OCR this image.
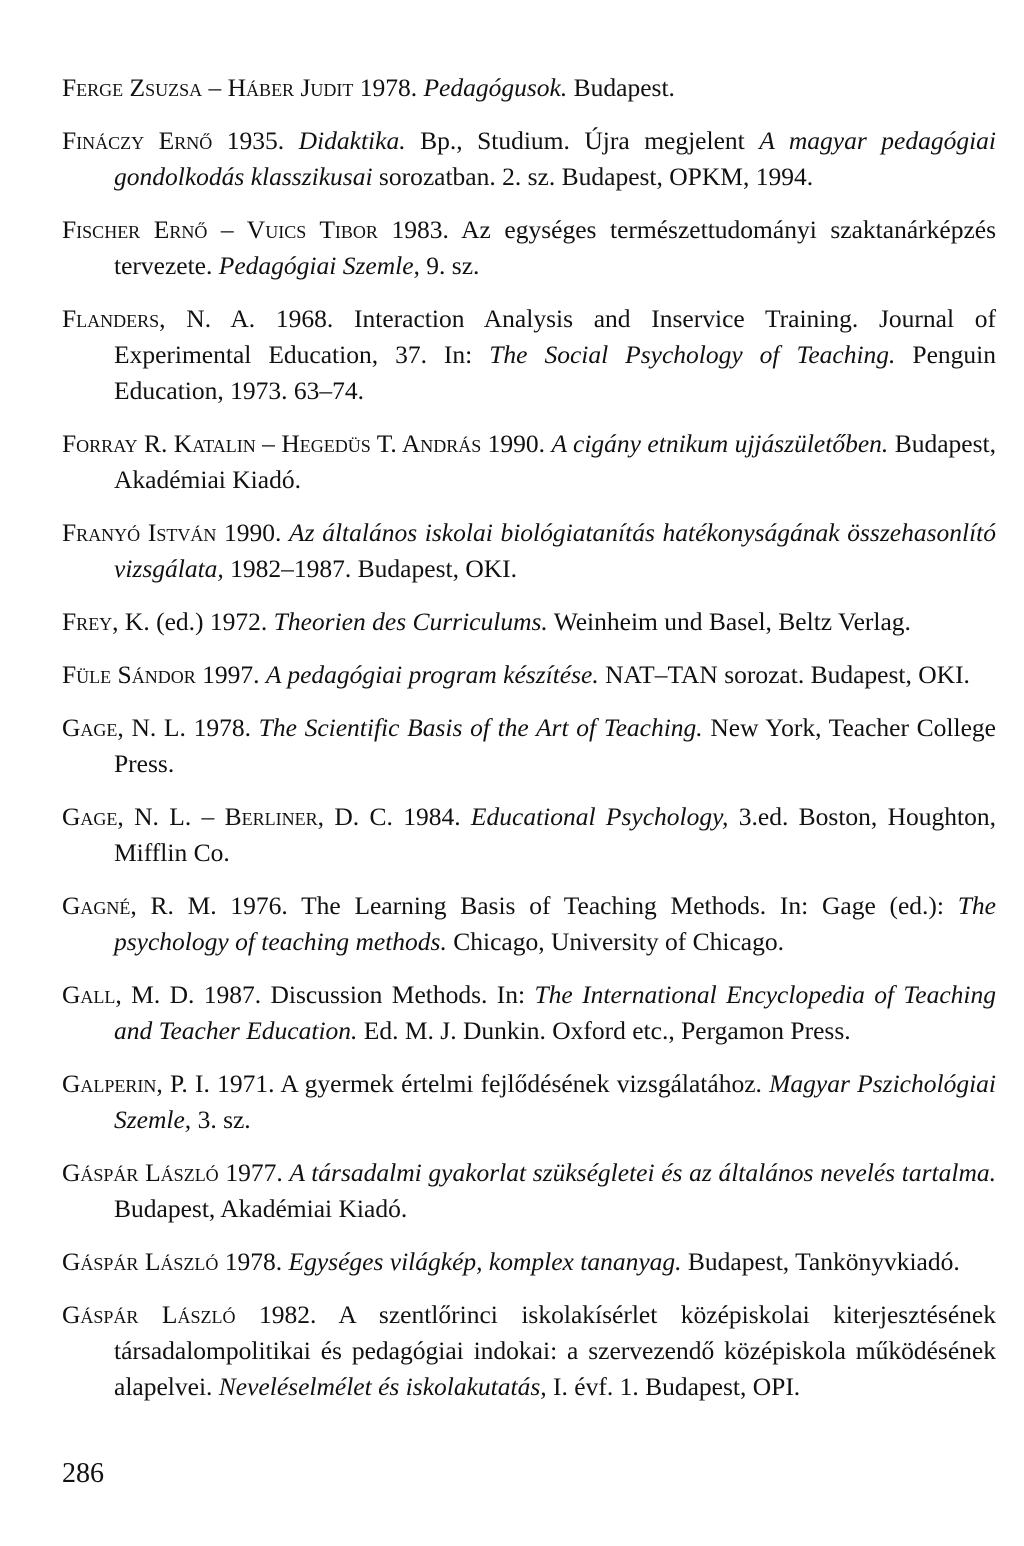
Ferge Zsuzsa – Háber Judit 1978. Pedagógusok. Budapest.

Fináczy Ernő 1935. Didaktika. Bp., Studium. Újra megjelent A magyar pedagógiai gondolkodás klasszikusai sorozatban. 2. sz. Budapest, OPKM, 1994.

Fischer Ernő – Vuics Tibor 1983. Az egységes természettudományi szaktanárképzés tervezete. Pedagógiai Szemle, 9. sz.

Flanders, N. A. 1968. Interaction Analysis and Inservice Training. Journal of Experimental Education, 37. In: The Social Psychology of Teaching. Penguin Education, 1973. 63–74.

Forray R. Katalin – Hegedüs T. András 1990. A cigány etnikum ujjászületőben. Budapest, Akadémiai Kiadó.

Franyó István 1990. Az általános iskolai biológiatanítás hatékonyságának összehasonlító vizsgálata, 1982–1987. Budapest, OKI.

Frey, K. (ed.) 1972. Theorien des Curriculums. Weinheim und Basel, Beltz Verlag.

Füle Sándor 1997. A pedagógiai program készítése. NAT–TAN sorozat. Budapest, OKI.

Gage, N. L. 1978. The Scientific Basis of the Art of Teaching. New York, Teacher College Press.

Gage, N. L. – Berliner, D. C. 1984. Educational Psychology, 3.ed. Boston, Houghton, Mifflin Co.

Gagné, R. M. 1976. The Learning Basis of Teaching Methods. In: Gage (ed.): The psychology of teaching methods. Chicago, University of Chicago.

Gall, M. D. 1987. Discussion Methods. In: The International Encyclopedia of Teaching and Teacher Education. Ed. M. J. Dunkin. Oxford etc., Pergamon Press.

Galperin, P. I. 1971. A gyermek értelmi fejlődésének vizsgálatához. Magyar Pszichológiai Szemle, 3. sz.

Gáspár László 1977. A társadalmi gyakorlat szükségletei és az általános nevelés tartalma. Budapest, Akadémiai Kiadó.

Gáspár László 1978. Egységes világkép, komplex tananyag. Budapest, Tankönyvkiadó.

Gáspár László 1982. A szentlőrinci iskolakísérlet középiskolai kiterjesztésének társadalompolitikai és pedagógiai indokai: a szervezendő középiskola működésének alapelvei. Neveléselmélet és iskolakutatás, I. évf. 1. Budapest, OPI.

286
